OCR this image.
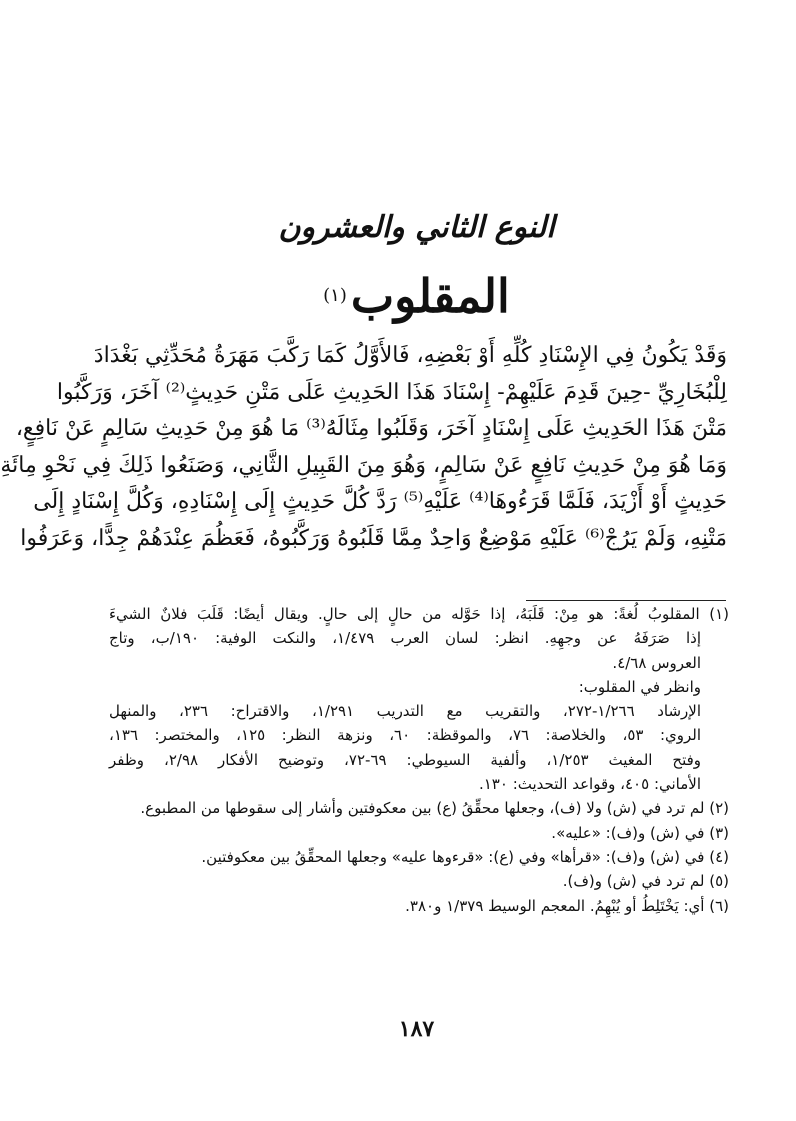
النوع الثاني والعشرون
المقلوب$^{(١)}$
وَقَدْ يَكُونُ فِي الإِسْنَادِ كُلِّهِ أَوْ بَعْضِهِ، فَالأَوَّلُ كَمَا رَكَّبَ مَهَرَةُ مُحَدِّثِي بَغْدَادَ
لِلْبُخَارِيِّ -حِينَ قَدِمَ عَلَيْهِمْ- إِسْنَادَ هَذَا الحَدِيثِ عَلَى مَتْنِ حَدِيثٍ⁽²⁾ آخَرَ، وَرَكَّبُوا
مَتْنَ هَذَا الحَدِيثِ عَلَى إِسْنَادٍ آخَرَ، وَقَلَبُوا مِثَالَهُ⁽³⁾ مَا هُوَ مِنْ حَدِيثِ سَالِمٍ عَنْ نَافِعٍ،
وَمَا هُوَ مِنْ حَدِيثِ نَافِعٍ عَنْ سَالِمٍ، وَهُوَ مِنَ القَبِيلِ الثَّانِي، وَصَنَعُوا ذَلِكَ فِي نَحْوِ مِائَةِ
حَدِيثٍ أَوْ أَزْيَدَ، فَلَمَّا قَرَءُوهَا⁽⁴⁾ عَلَيْهِ⁽⁵⁾ رَدَّ كُلَّ حَدِيثٍ إِلَى إِسْنَادِهِ، وَكُلَّ إِسْنَادٍ إِلَى
مَتْنِهِ، وَلَمْ يَرُجْ⁽⁶⁾ عَلَيْهِ مَوْضِعٌ وَاحِدٌ مِمَّا قَلَبُوهُ وَرَكَّبُوهُ، فَعَظُمَ عِنْدَهُمْ جِدًّا، وَعَرَفُوا
(١) المقلوبُ لُغةً: هو مِنْ: قَلَبَهُ، إذا حَوَّله من حالٍ إلى حالٍ. ويقال أيضًا: قَلَبَ فلانٌ الشيءَ
إذا صَرَفَهُ عن وجهِهِ. انظر: لسان العرب ١/٤٧٩، والنكت الوفية: ١٩٠/ب، وتاج
العروس ٤/٦٨.
وانظر في المقلوب:
الإرشاد ١/٢٦٦-٢٧٢، والتقريب مع التدريب ١/٢٩١، والاقتراح: ٢٣٦، والمنهل
الروي: ٥٣، والخلاصة: ٧٦، والموقظة: ٦٠، ونزهة النظر: ١٢٥، والمختصر: ١٣٦،
وفتح المغيث ١/٢٥٣، وألفية السيوطي: ٦٩-٧٢، وتوضيح الأفكار ٢/٩٨، وظفر
الأماني: ٤٠٥، وقواعد التحديث: ١٣٠.
(٢) لم ترد في (ش) ولا (ف)، وجعلها محقِّقُ (ع) بين معكوفتين وأشار إلى سقوطها من المطبوع.
(٣) في (ش) و(ف): «عليه».
(٤) في (ش) و(ف): «قرأها» وفي (ع): «قرءوها عليه» وجعلها المحقِّقُ بين معكوفتين.
(٥) لم ترد في (ش) و(ف).
(٦) أي: يَخْتَلِطُ أو يُبْهِمُ. المعجم الوسيط ١/٣٧٩ و٣٨٠.
١٨٧
